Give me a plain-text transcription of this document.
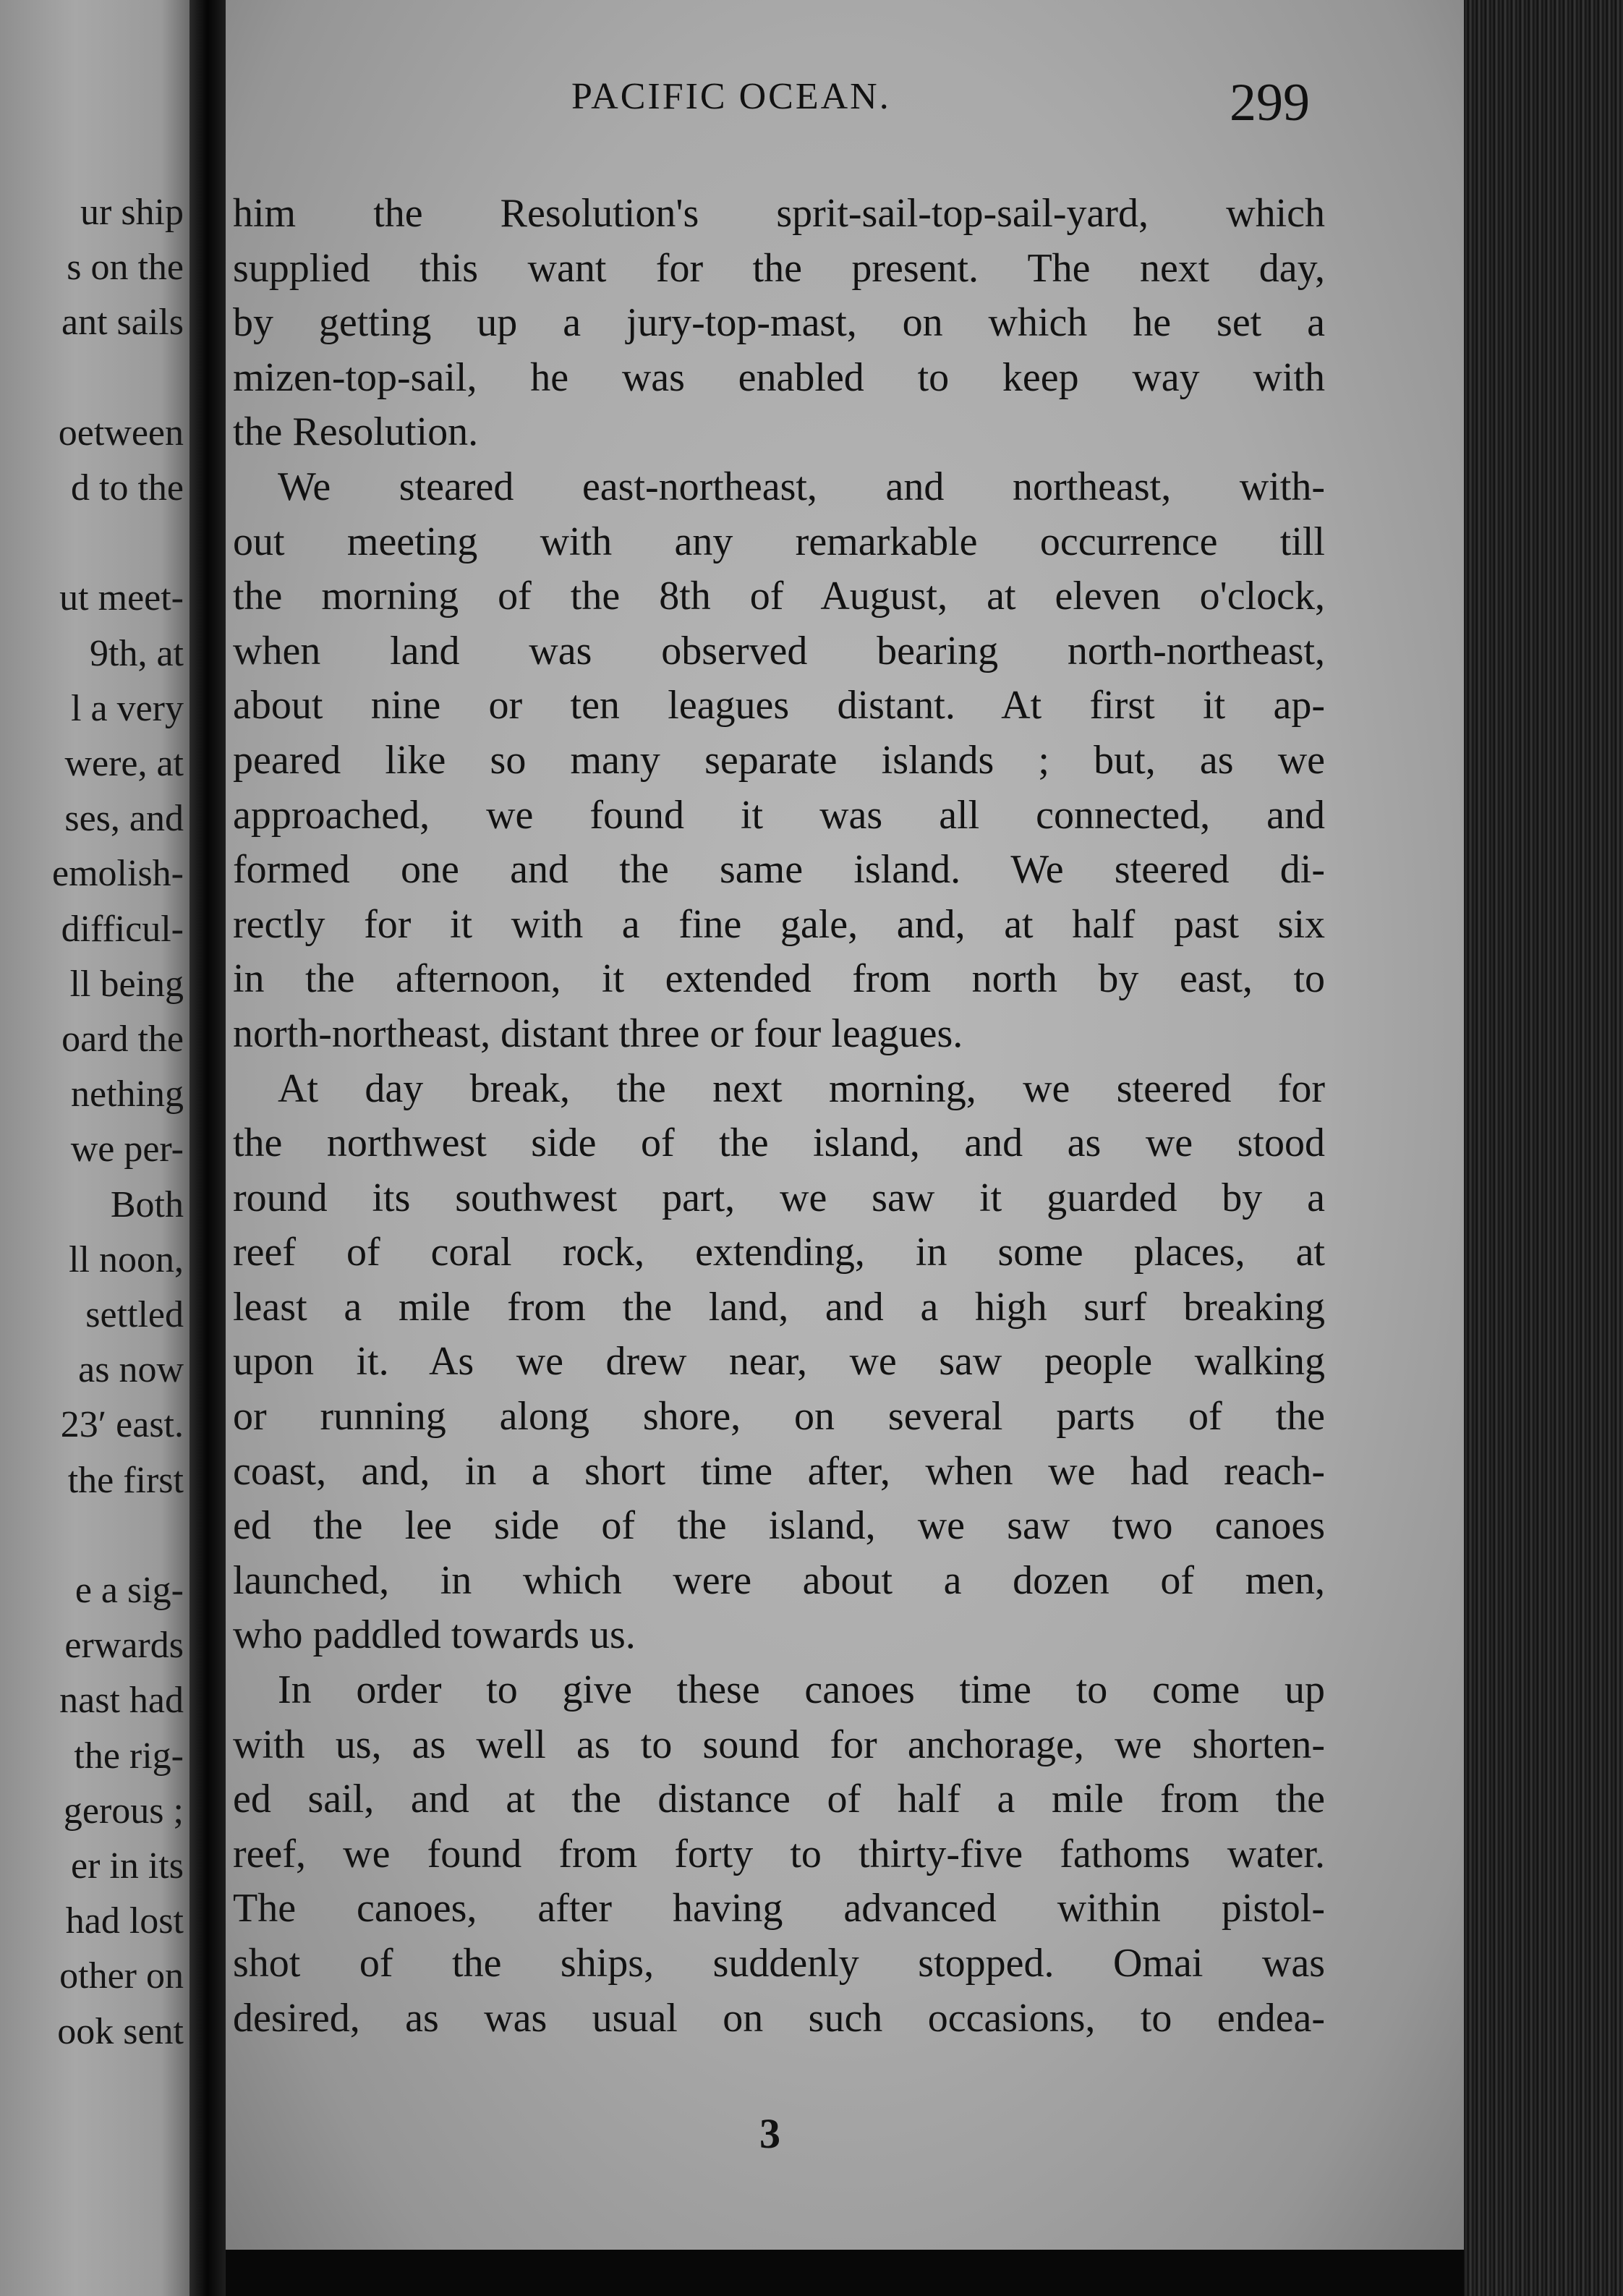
ur ship
s on the
ant sails
oetween
d to the
ut meet-
9th, at
l a very
were, at
ses, and
emolish-
difficul-
ll being
oard the
nething
we per-
Both
ll noon,
settled
as now
23ʹ east.
the first
e a sig-
erwards
nast had
the rig-
gerous ;
er in its
had lost
other on
ook sent
PACIFIC OCEAN.	299
him the Resolution's sprit-sail-top-sail-yard, which
supplied this want for the present. The next day,
by getting up a jury-top-mast, on which he set a
mizen-top-sail, he was enabled to keep way with
the Resolution.
We steared east-northeast, and northeast, with-
out meeting with any remarkable occurrence till
the morning of the 8th of August, at eleven o'clock,
when land was observed bearing north-northeast,
about nine or ten leagues distant. At first it ap-
peared like so many separate islands ; but, as we
approached, we found it was all connected, and
formed one and the same island. We steered di-
rectly for it with a fine gale, and, at half past six
in the afternoon, it extended from north by east, to
north-northeast, distant three or four leagues.
At day break, the next morning, we steered for
the northwest side of the island, and as we stood
round its southwest part, we saw it guarded by a
reef of coral rock, extending, in some places, at
least a mile from the land, and a high surf breaking
upon it. As we drew near, we saw people walking
or running along shore, on several parts of the
coast, and, in a short time after, when we had reach-
ed the lee side of the island, we saw two canoes
launched, in which were about a dozen of men,
who paddled towards us.
In order to give these canoes time to come up
with us, as well as to sound for anchorage, we shorten-
ed sail, and at the distance of half a mile from the
reef, we found from forty to thirty-five fathoms water.
The canoes, after having advanced within pistol-
shot of the ships, suddenly stopped. Omai was
desired, as was usual on such occasions, to endea-
3
